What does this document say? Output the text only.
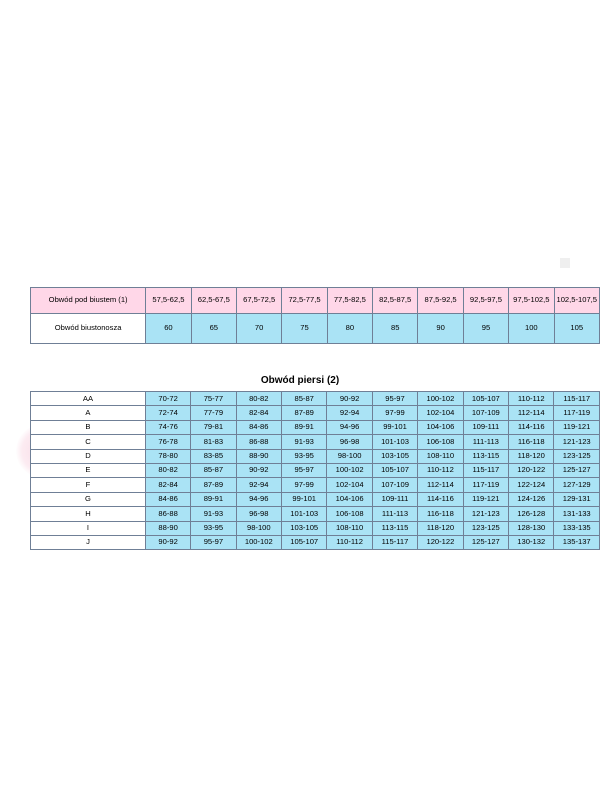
Obwód pod biustem (1)	57,5-62,5	62,5-67,5	67,5-72,5	72,5-77,5	77,5-82,5	82,5-87,5	87,5-92,5	92,5-97,5	97,5-102,5	102,5-107,5
Obwód biustonosza	60	65	70	75	80	85	90	95	100	105
Obwód piersi (2)
AA	70-72	75-77	80-82	85-87	90-92	95-97	100-102	105-107	110-112	115-117
A	72-74	77-79	82-84	87-89	92-94	97-99	102-104	107-109	112-114	117-119
B	74-76	79-81	84-86	89-91	94-96	99-101	104-106	109-111	114-116	119-121
C	76-78	81-83	86-88	91-93	96-98	101-103	106-108	111-113	116-118	121-123
D	78-80	83-85	88-90	93-95	98-100	103-105	108-110	113-115	118-120	123-125
E	80-82	85-87	90-92	95-97	100-102	105-107	110-112	115-117	120-122	125-127
F	82-84	87-89	92-94	97-99	102-104	107-109	112-114	117-119	122-124	127-129
G	84-86	89-91	94-96	99-101	104-106	109-111	114-116	119-121	124-126	129-131
H	86-88	91-93	96-98	101-103	106-108	111-113	116-118	121-123	126-128	131-133
I	88-90	93-95	98-100	103-105	108-110	113-115	118-120	123-125	128-130	133-135
J	90-92	95-97	100-102	105-107	110-112	115-117	120-122	125-127	130-132	135-137
